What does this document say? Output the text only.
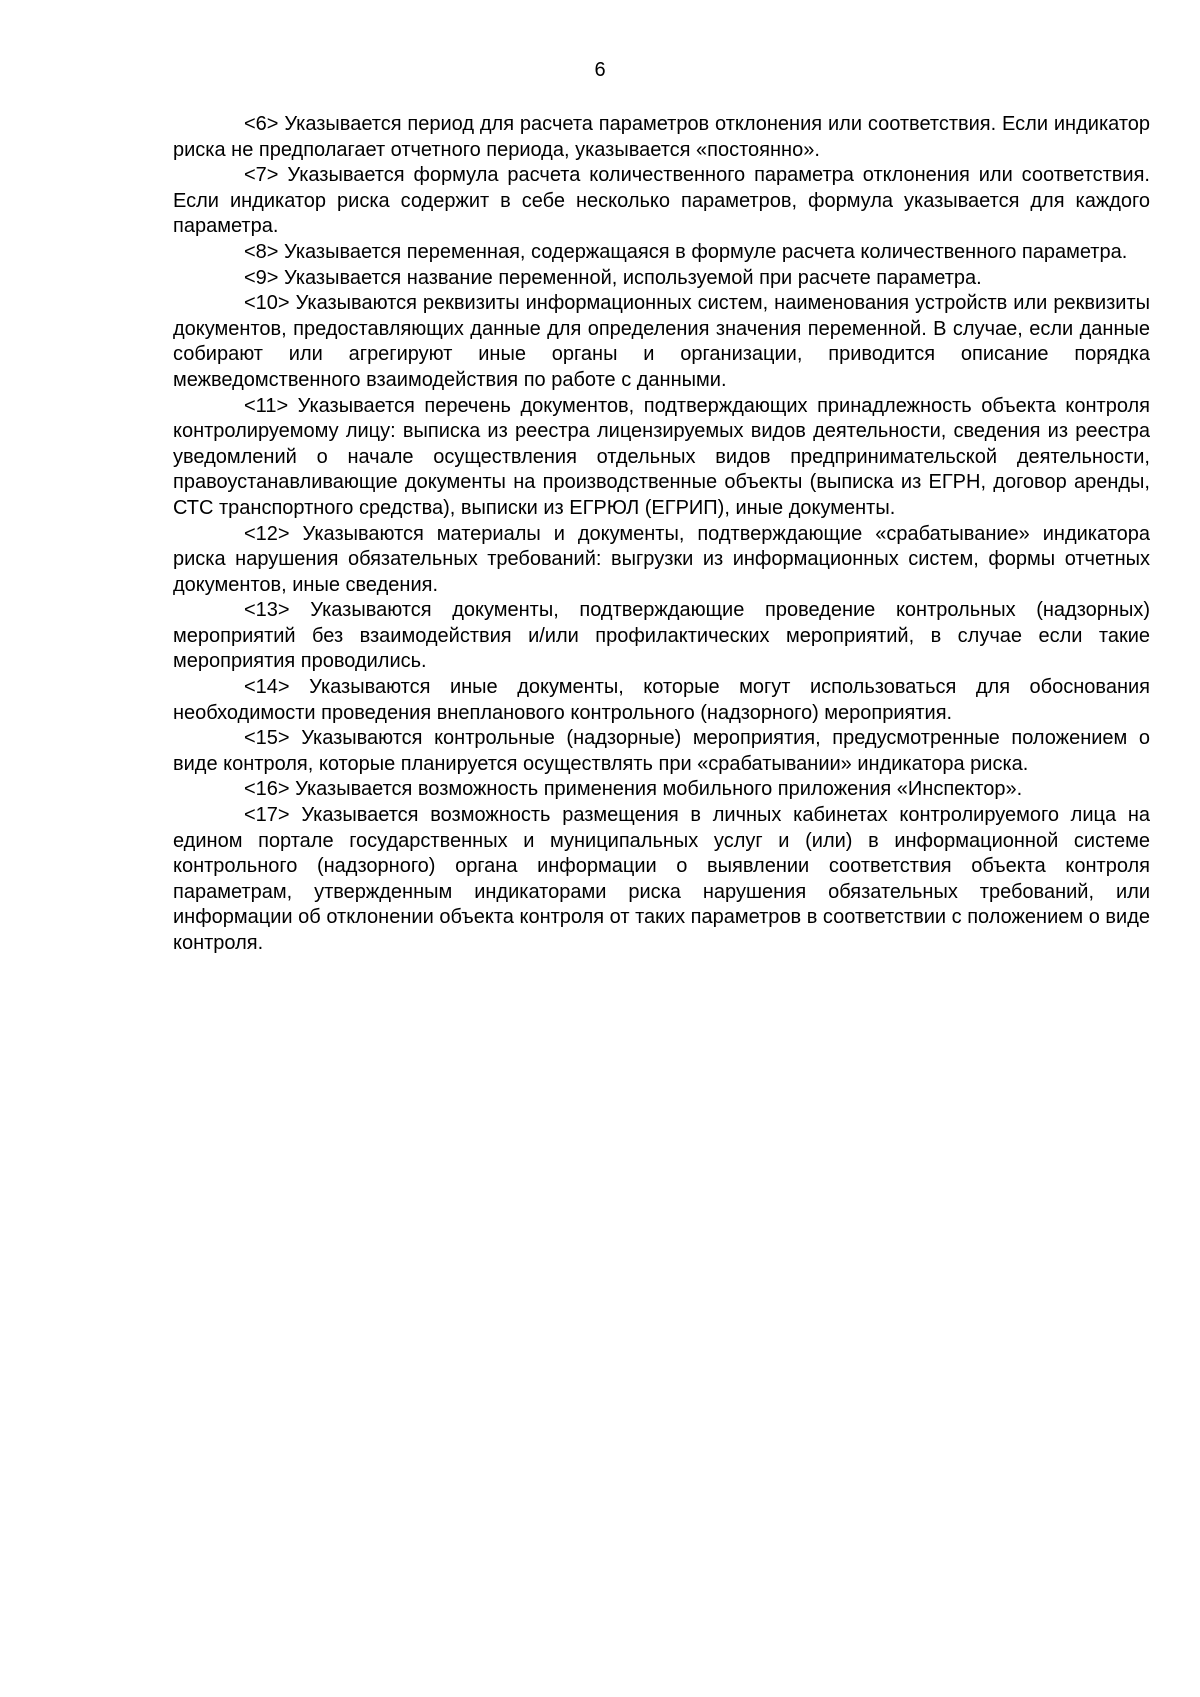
6

<6> Указывается период для расчета параметров отклонения или соответствия. Если индикатор риска не предполагает отчетного периода, указывается «постоянно».

<7> Указывается формула расчета количественного параметра отклонения или соответствия. Если индикатор риска содержит в себе несколько параметров, формула указывается для каждого параметра.

<8> Указывается переменная, содержащаяся в формуле расчета количественного параметра.

<9> Указывается название переменной, используемой при расчете параметра.

<10> Указываются реквизиты информационных систем, наименования устройств или реквизиты документов, предоставляющих данные для определения значения переменной. В случае, если данные собирают или агрегируют иные органы и организации, приводится описание порядка межведомственного взаимодействия по работе с данными.

<11> Указывается перечень документов, подтверждающих принадлежность объекта контроля контролируемому лицу: выписка из реестра лицензируемых видов деятельности, сведения из реестра уведомлений о начале осуществления отдельных видов предпринимательской деятельности, правоустанавливающие документы на производственные объекты (выписка из ЕГРН, договор аренды, СТС транспортного средства), выписки из ЕГРЮЛ (ЕГРИП), иные документы.

<12> Указываются материалы и документы, подтверждающие «срабатывание» индикатора риска нарушения обязательных требований: выгрузки из информационных систем, формы отчетных документов, иные сведения.

<13> Указываются документы, подтверждающие проведение контрольных (надзорных) мероприятий без взаимодействия и/или профилактических мероприятий, в случае если такие мероприятия проводились.

<14> Указываются иные документы, которые могут использоваться для обоснования необходимости проведения внепланового контрольного (надзорного) мероприятия.

<15> Указываются контрольные (надзорные) мероприятия, предусмотренные положением о виде контроля, которые планируется осуществлять при «срабатывании» индикатора риска.

<16> Указывается возможность применения мобильного приложения «Инспектор».

<17> Указывается возможность размещения в личных кабинетах контролируемого лица на едином портале государственных и муниципальных услуг и (или) в информационной системе контрольного (надзорного) органа информации о выявлении соответствия объекта контроля параметрам, утвержденным индикаторами риска нарушения обязательных требований, или информации об отклонении объекта контроля от таких параметров в соответствии с положением о виде контроля.
